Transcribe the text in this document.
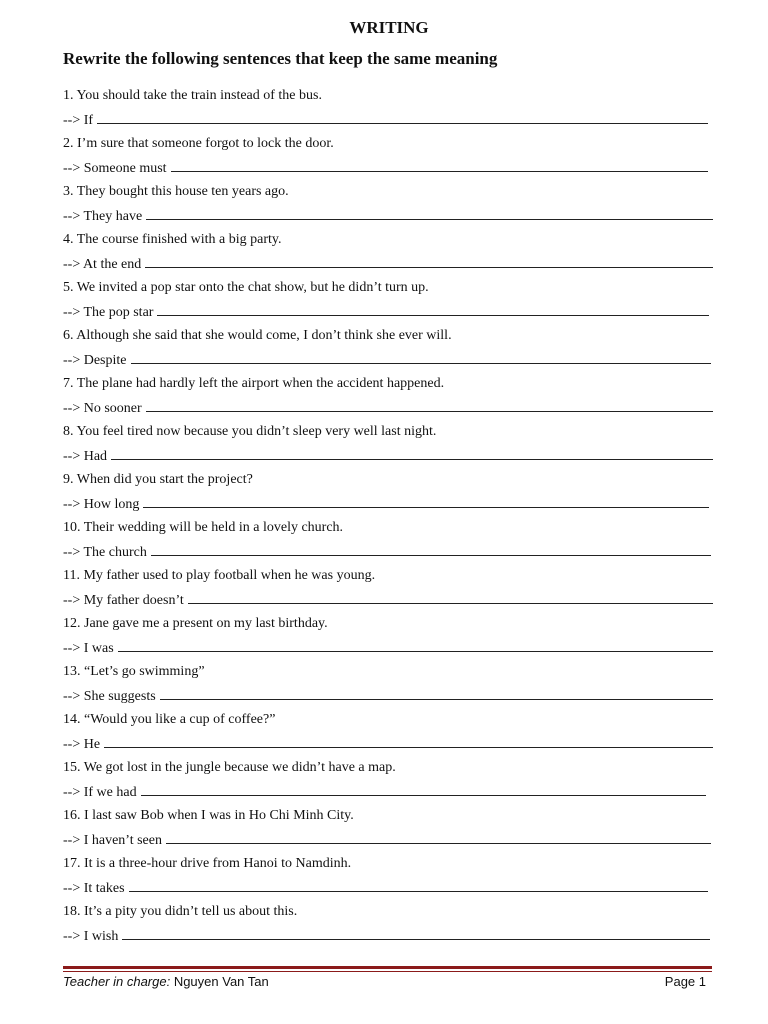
WRITING
Rewrite the following sentences that keep the same meaning
1. You should take the train instead of the bus.
--> If
2. I’m sure that someone forgot to lock the door.
--> Someone must
3. They bought this house ten years ago.
--> They have
4. The course finished with a big party.
--> At the end
5. We invited a pop star onto the chat show, but he didn’t turn up.
--> The pop star
6. Although she said that she would come, I don’t think she ever will.
--> Despite
7. The plane had hardly left the airport when the accident happened.
--> No sooner
8. You feel tired now because you didn’t sleep very well last night.
--> Had
9. When did you start the project?
--> How long
10. Their wedding will be held in a lovely church.
--> The church
11. My father used to play football when he was young.
--> My father doesn’t
12. Jane gave me a present on my last birthday.
--> I was
13. “Let’s go swimming”
--> She suggests
14. “Would you like a cup of coffee?”
--> He
15. We got lost in the jungle because we didn’t have a map.
--> If we had
16. I last saw Bob when I was in Ho Chi Minh City.
--> I haven’t seen
17. It is a three-hour drive from Hanoi to Namdinh.
--> It takes
18. It’s a pity you didn’t tell us about this.
--> I wish
Teacher in charge: Nguyen Van Tan	Page 1
